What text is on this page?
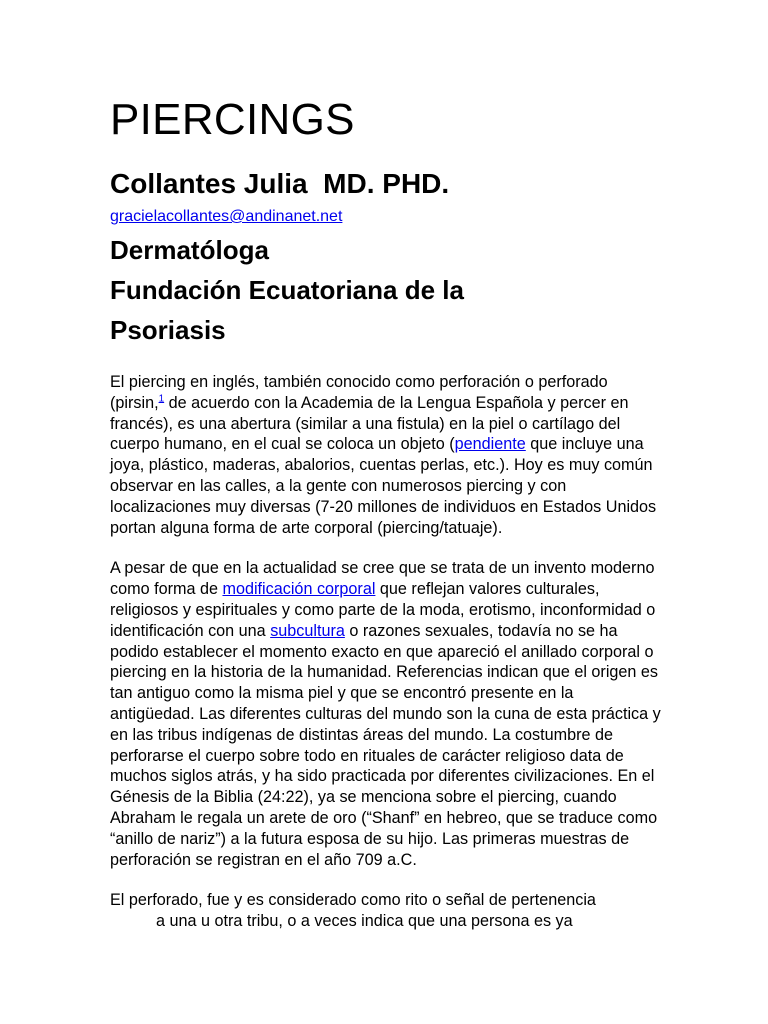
PIERCINGS
Collantes Julia  MD. PHD.
gracielacollantes@andinanet.net
Dermatóloga
Fundación Ecuatoriana de la Psoriasis

El piercing en inglés, también conocido como perforación o perforado (pirsin,$^1$ de acuerdo con la Academia de la Lengua Española y percer en francés), es una abertura (similar a una fistula) en la piel o cartílago del cuerpo humano, en el cual se coloca un objeto (pendiente que incluye una joya, plástico, maderas, abalorios, cuentas perlas, etc.). Hoy es muy común observar en las calles, a la gente con numerosos piercing y con localizaciones muy diversas (7-20 millones de individuos en Estados Unidos portan alguna forma de arte corporal (piercing/tatuaje).

A pesar de que en la actualidad se cree que se trata de un invento moderno como forma de modificación corporal que reflejan valores culturales, religiosos y espirituales y como parte de la moda, erotismo, inconformidad o identificación con una subcultura o razones sexuales, todavía no se ha podido establecer el momento exacto en que apareció el anillado corporal o piercing en la historia de la humanidad. Referencias indican que el origen es tan antiguo como la misma piel y que se encontró presente en la antigüedad. Las diferentes culturas del mundo son la cuna de esta práctica y en las tribus indígenas de distintas áreas del mundo. La costumbre de perforarse el cuerpo sobre todo en rituales de carácter religioso data de muchos siglos atrás, y ha sido practicada por diferentes civilizaciones. En el Génesis de la Biblia (24:22), ya se menciona sobre el piercing, cuando Abraham le regala un arete de oro (“Shanf” en hebreo, que se traduce como “anillo de nariz”) a la futura esposa de su hijo. Las primeras muestras de perforación se registran en el año 709 a.C.

El perforado, fue y es considerado como rito o señal de pertenencia
a una u otra tribu, o a veces indica que una persona es ya
